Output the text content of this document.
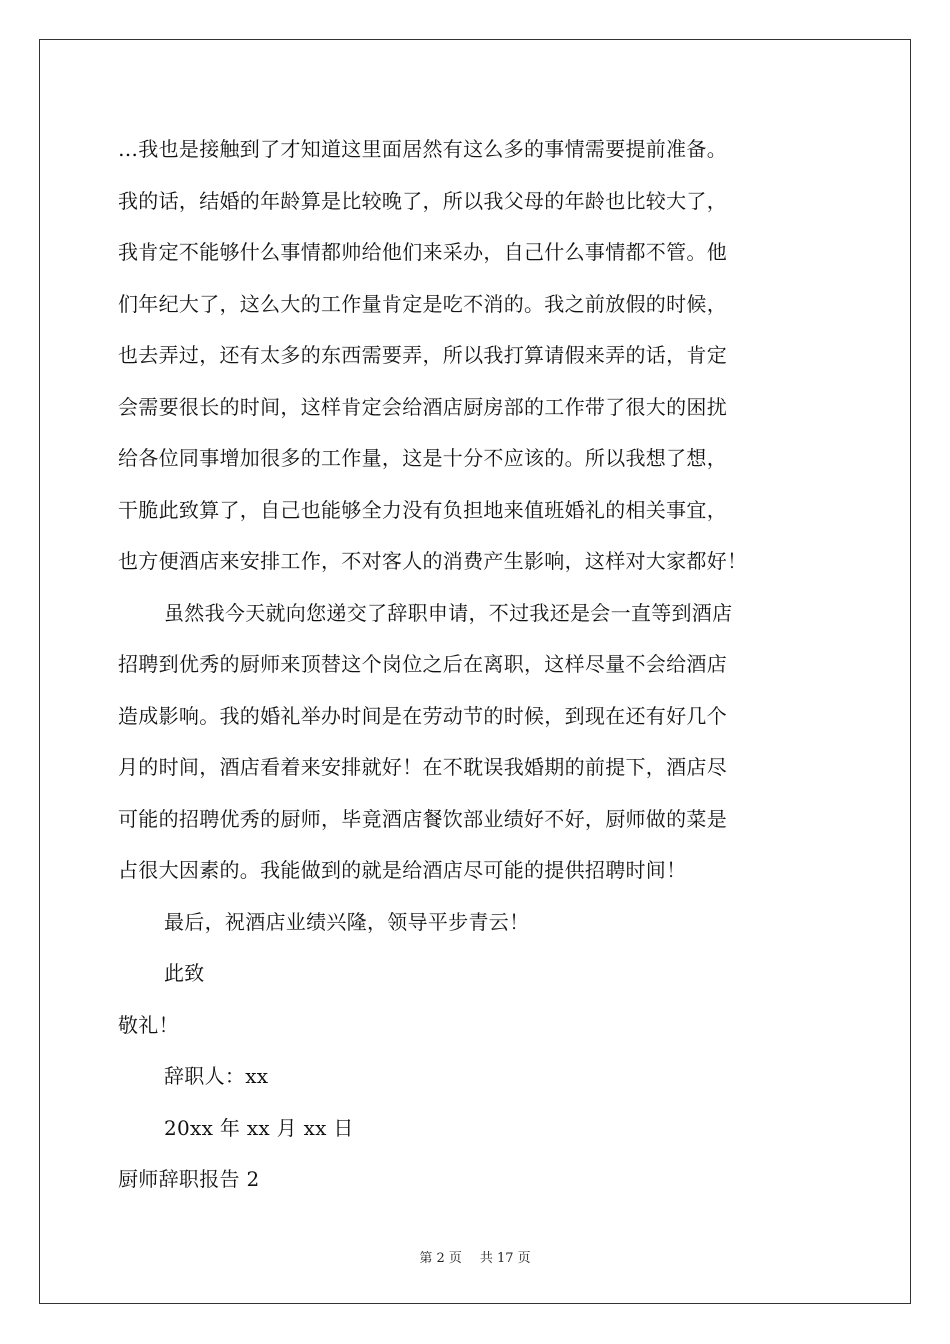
…我也是接触到了才知道这里面居然有这么多的事情需要提前准备。
我的话，结婚的年龄算是比较晚了，所以我父母的年龄也比较大了，
我肯定不能够什么事情都帅给他们来采办，自己什么事情都不管。他
们年纪大了，这么大的工作量肯定是吃不消的。我之前放假的时候，
也去弄过，还有太多的东西需要弄，所以我打算请假来弄的话，肯定
会需要很长的时间，这样肯定会给酒店厨房部的工作带了很大的困扰
给各位同事增加很多的工作量，这是十分不应该的。所以我想了想，
干脆此致算了，自己也能够全力没有负担地来值班婚礼的相关事宜，
也方便酒店来安排工作，不对客人的消费产生影响，这样对大家都好！
虽然我今天就向您递交了辞职申请，不过我还是会一直等到酒店
招聘到优秀的厨师来顶替这个岗位之后在离职，这样尽量不会给酒店
造成影响。我的婚礼举办时间是在劳动节的时候，到现在还有好几个
月的时间，酒店看着来安排就好！在不耽误我婚期的前提下，酒店尽
可能的招聘优秀的厨师，毕竟酒店餐饮部业绩好不好，厨师做的菜是
占很大因素的。我能做到的就是给酒店尽可能的提供招聘时间！
最后，祝酒店业绩兴隆，领导平步青云！
此致
敬礼！
辞职人：xx
20xx 年 xx 月 xx 日
厨师辞职报告 2
第 2 页 共 17 页
